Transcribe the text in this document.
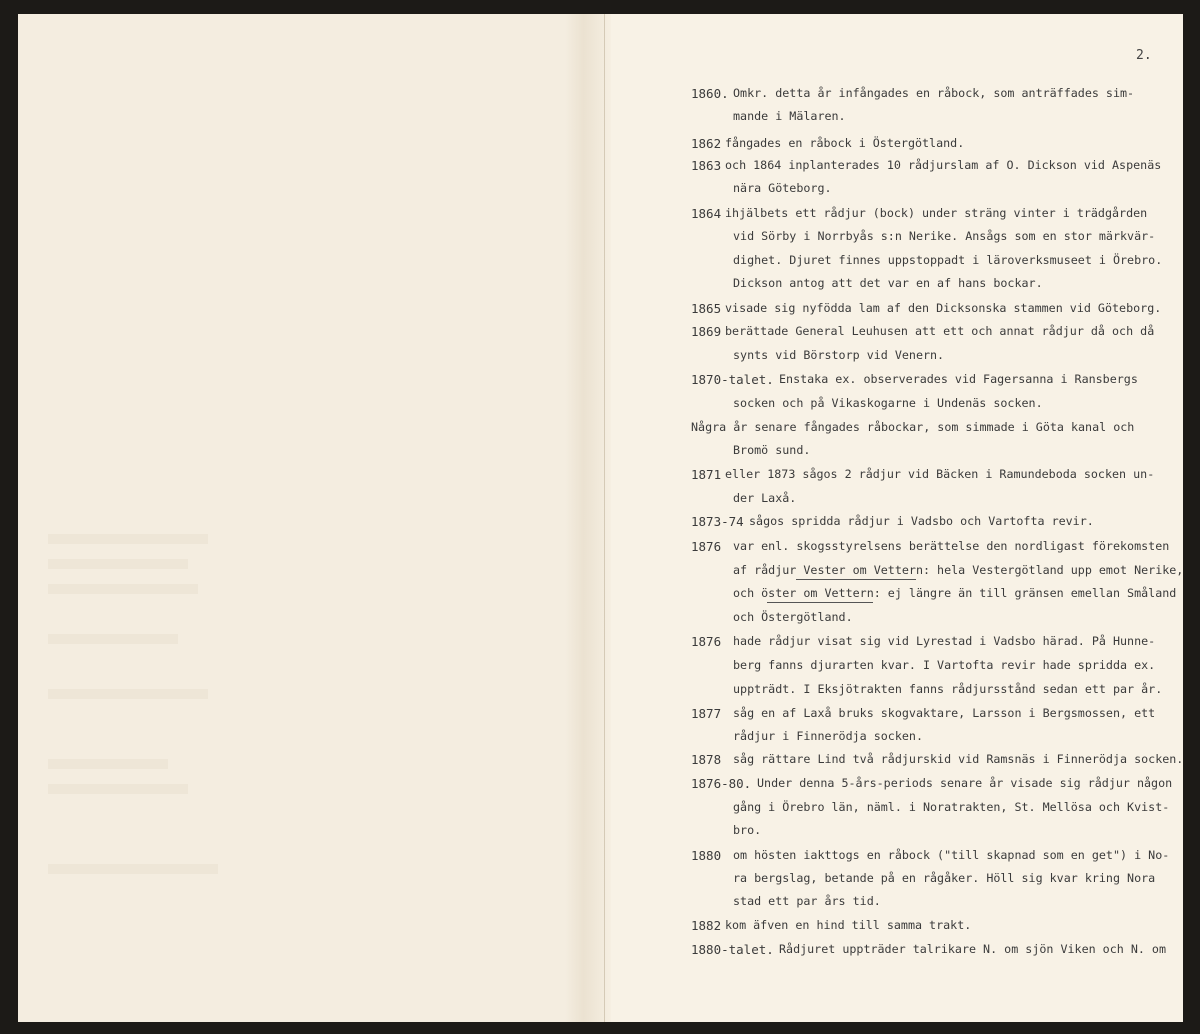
2.
1860. Omkr. detta år infångades en råbock, som anträffades sim-
mande i Mälaren.
1862 fångades en råbock i Östergötland.
1863 och 1864 inplanterades 10 rådjurslam af O. Dickson vid Aspenäs
nära Göteborg.
1864 ihjälbets ett rådjur (bock) under sträng vinter i trädgården
vid Sörby i Norrbyås s:n Nerike. Ansågs som en stor märkvär-
dighet. Djuret finnes uppstoppadt i läroverksmuseet i Örebro.
Dickson antog att det var en af hans bockar.
1865 visade sig nyfödda lam af den Dicksonska stammen vid Göteborg.
1869 berättade General Leuhusen att ett och annat rådjur då och då
synts vid Börstorp vid Venern.
1870-talet. Enstaka ex. observerades vid Fagersanna i Ransbergs
socken och på Vikaskogarne i Undenäs socken.
Några år senare fångades råbockar, som simmade i Göta kanal och
Bromö sund.
1871 eller 1873 sågos 2 rådjur vid Bäcken i Ramundeboda socken un-
der Laxå.
1873-74 sågos spridda rådjur i Vadsbo och Vartofta revir.
1876 var enl. skogsstyrelsens berättelse den nordligast förekomsten
af rådjur Vester om Vettern: hela Vestergötland upp emot Nerike,
och öster om Vettern: ej längre än till gränsen emellan Småland
och Östergötland.
1876 hade rådjur visat sig vid Lyrestad i Vadsbo härad. På Hunne-
berg fanns djurarten kvar. I Vartofta revir hade spridda ex.
uppträdt. I Eksjötrakten fanns rådjursstånd sedan ett par år.
1877 såg en af Laxå bruks skogvaktare, Larsson i Bergsmossen, ett
rådjur i Finnerödja socken.
1878 såg rättare Lind två rådjurskid vid Ramsnäs i Finnerödja socken.
1876-80. Under denna 5-års-periods senare år visade sig rådjur någon
gång i Örebro län, näml. i Noratrakten, St. Mellösa och Kvist-
bro.
1880 om hösten iakttogs en råbock ("till skapnad som en get") i No-
ra bergslag, betande på en rågåker. Höll sig kvar kring Nora
stad ett par års tid.
1882 kom äfven en hind till samma trakt.
1880-talet. Rådjuret uppträder talrikare N. om sjön Viken och N. om
